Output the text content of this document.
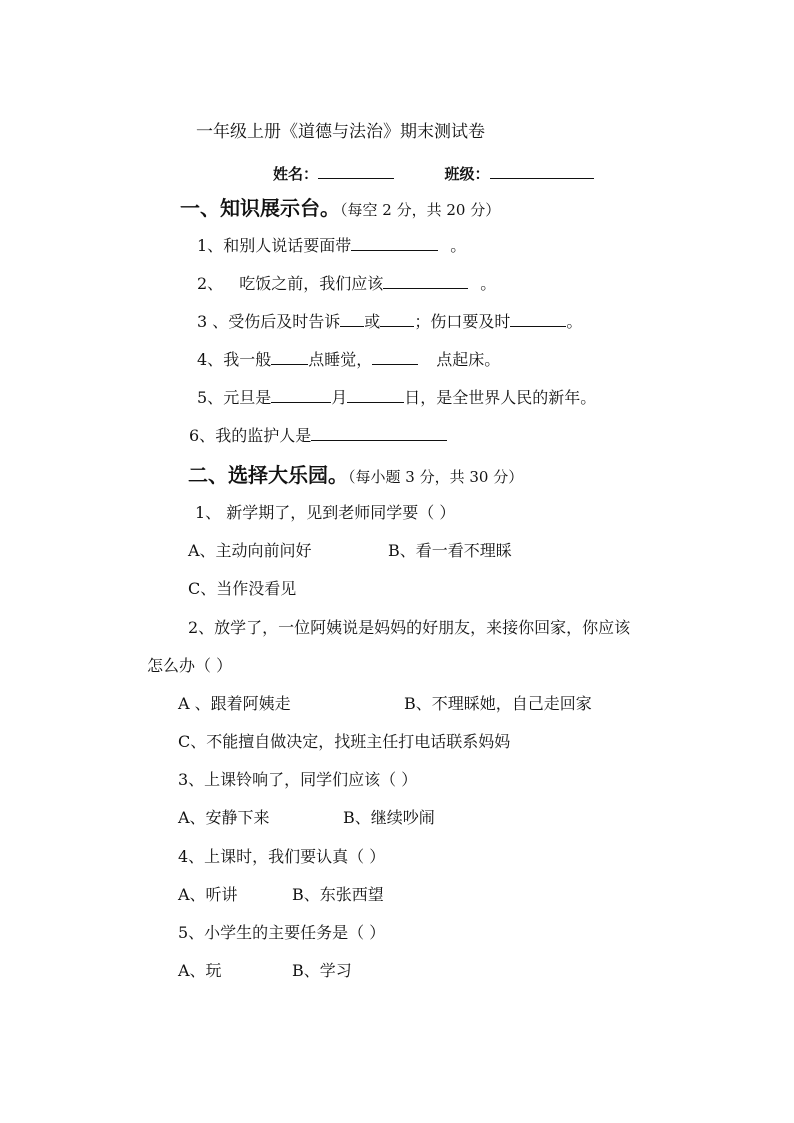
一年级上册《道德与法治》期末测试卷
姓名：	班级：
一、知识展示台。（每空 2 分，共 20 分）
1、和别人说话要面带	。
2、 吃饭之前，我们应该	。
3 、受伤后及时告诉 或 ；伤口要及时	。
4、我一般 点睡觉，	点起床。
5、元旦是	月	日，是全世界人民的新年。
6、我的监护人是
二、选择大乐园。（每小题 3 分，共 30 分）
1、 新学期了，见到老师同学要（ ）
A、主动向前问好	B、看一看不理睬
C、当作没看见
2、放学了，一位阿姨说是妈妈的好朋友，来接你回家，你应该
怎么办（ ）
A 、跟着阿姨走	B、不理睬她，自己走回家
C、不能擅自做决定，找班主任打电话联系妈妈
3、上课铃响了，同学们应该（ ）
A、安静下来	B、继续吵闹
4、上课时，我们要认真（ ）
A、听讲	B、东张西望
5、小学生的主要任务是（ ）
A、玩	B、学习
